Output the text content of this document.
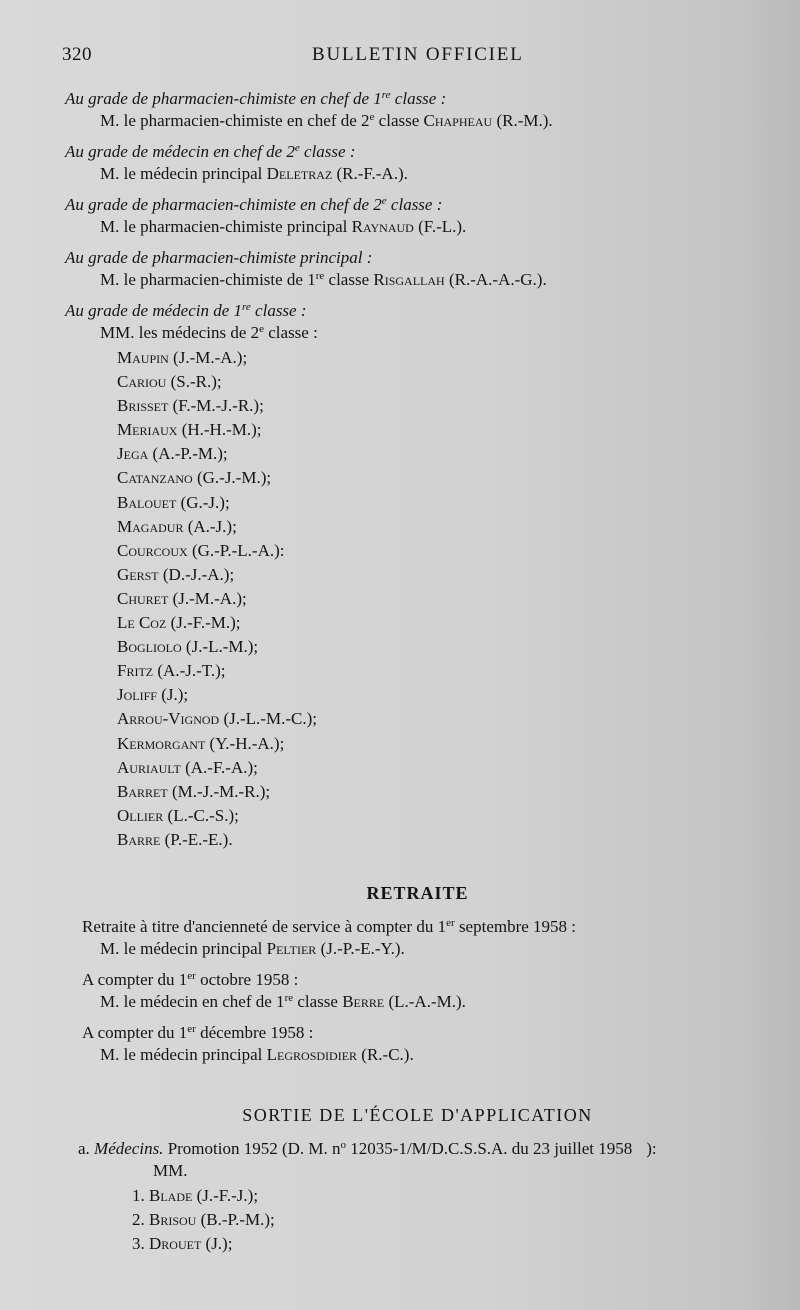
320	BULLETIN OFFICIEL
Au grade de pharmacien-chimiste en chef de 1re classe :
M. le pharmacien-chimiste en chef de 2e classe Chapheau (R.-M.).
Au grade de médecin en chef de 2e classe :
M. le médecin principal Deletraz (R.-F.-A.).
Au grade de pharmacien-chimiste en chef de 2e classe :
M. le pharmacien-chimiste principal Raynaud (F.-L.).
Au grade de pharmacien-chimiste principal :
M. le pharmacien-chimiste de 1re classe Risgallah (R.-A.-A.-G.).
Au grade de médecin de 1re classe :
MM. les médecins de 2e classe :
Maupin (J.-M.-A.);
Cariou (S.-R.);
Brisset (F.-M.-J.-R.);
Meriaux (H.-H.-M.);
Jega (A.-P.-M.);
Catanzano (G.-J.-M.);
Balouet (G.-J.);
Magadur (A.-J.);
Courcoux (G.-P.-L.-A.):
Gerst (D.-J.-A.);
Churet (J.-M.-A.);
Le Coz (J.-F.-M.);
Bogliolo (J.-L.-M.);
Fritz (A.-J.-T.);
Joliff (J.);
Arrou-Vignod (J.-L.-M.-C.);
Kermorgant (Y.-H.-A.);
Auriault (A.-F.-A.);
Barret (M.-J.-M.-R.);
Ollier (L.-C.-S.);
Barre (P.-E.-E.).
RETRAITE
Retraite à titre d'ancienneté de service à compter du 1er septembre 1958 :
M. le médecin principal Peltier (J.-P.-E.-Y.).
A compter du 1er octobre 1958 :
M. le médecin en chef de 1re classe Berre (L.-A.-M.).
A compter du 1er décembre 1958 :
M. le médecin principal Legrosdidier (R.-C.).
SORTIE DE L'ÉCOLE D'APPLICATION
a. Médecins. Promotion 1952 (D. M. $n^o$ 12035-1/M/D.C.S.S.A. du 23 juillet 1958 ):
MM.
1. Blade (J.-F.-J.);
2. Brisou (B.-P.-M.);
3. Drouet (J.);
